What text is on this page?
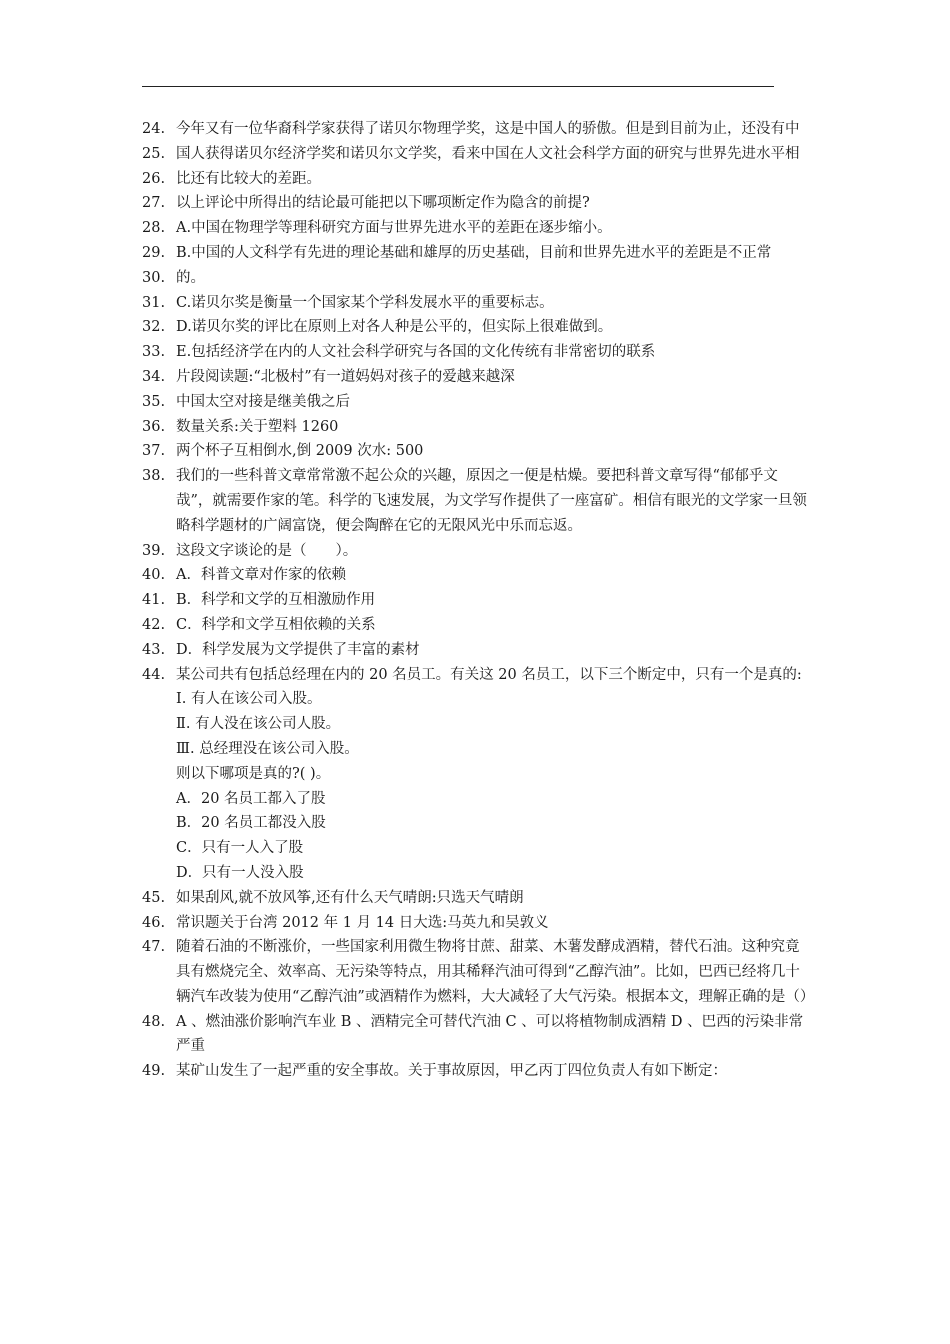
24. 今年又有一位华裔科学家获得了诺贝尔物理学奖，这是中国人的骄傲。但是到目前为止，还没有中
25. 国人获得诺贝尔经济学奖和诺贝尔文学奖，看来中国在人文社会科学方面的研究与世界先进水平相
26. 比还有比较大的差距。
27. 以上评论中所得出的结论最可能把以下哪项断定作为隐含的前提?
28. A.中国在物理学等理科研究方面与世界先进水平的差距在逐步缩小。
29. B.中国的人文科学有先进的理论基础和雄厚的历史基础，目前和世界先进水平的差距是不正常
30. 的。
31. C.诺贝尔奖是衡量一个国家某个学科发展水平的重要标志。
32. D.诺贝尔奖的评比在原则上对各人种是公平的，但实际上很难做到。
33. E.包括经济学在内的人文社会科学研究与各国的文化传统有非常密切的联系
34. 片段阅读题:“北极村”有一道妈妈对孩子的爱越来越深
35. 中国太空对接是继美俄之后
36. 数量关系:关于塑料 1260
37. 两个杯子互相倒水,倒 2009 次水: 500
38. 我们的一些科普文章常常激不起公众的兴趣，原因之一便是枯燥。要把科普文章写得“郁郁乎文哉”，就需要作家的笔。科学的飞速发展，为文学写作提供了一座富矿。相信有眼光的文学家一旦领略科学题材的广阔富饶，便会陶醉在它的无限风光中乐而忘返。
39. 这段文字谈论的是（　　）。
40. A．科普文章对作家的依赖
41. B．科学和文学的互相激励作用
42. C．科学和文学互相依赖的关系
43. D．科学发展为文学提供了丰富的素材
44. 某公司共有包括总经理在内的 20 名员工。有关这 20 名员工，以下三个断定中，只有一个是真的:
Ⅰ. 有人在该公司入股。
Ⅱ. 有人没在该公司人股。
Ⅲ. 总经理没在该公司入股。
则以下哪项是真的?( )。
A．20 名员工都入了股
B．20 名员工都没入股
C．只有一人入了股
D．只有一人没入股
45. 如果刮风,就不放风筝,还有什么天气晴朗:只选天气晴朗
46. 常识题关于台湾 2012 年 1 月 14 日大选:马英九和吴敦义
47. 随着石油的不断涨价，一些国家利用微生物将甘蔗、甜菜、木薯发酵成酒精，替代石油。这种究竟具有燃烧完全、效率高、无污染等特点，用其稀释汽油可得到“乙醇汽油”。比如，巴西已经将几十辆汽车改装为使用“乙醇汽油”或酒精作为燃料，大大减轻了大气污染。根据本文，理解正确的是（）
48. A 、燃油涨价影响汽车业 B 、酒精完全可替代汽油 C 、可以将植物制成酒精 D 、巴西的污染非常严重
49. 某矿山发生了一起严重的安全事故。关于事故原因，甲乙丙丁四位负责人有如下断定：
